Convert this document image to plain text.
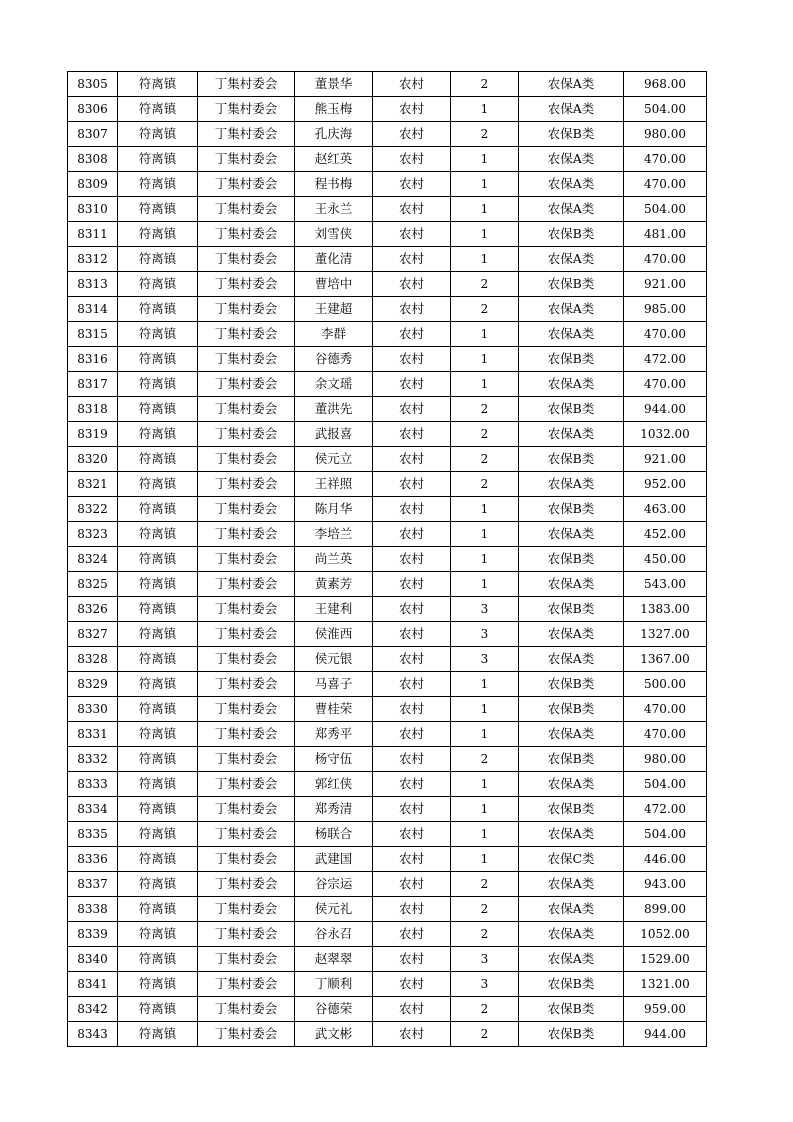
8305	符离镇	丁集村委会	董景华	农村	2	农保A类	968.00
8306	符离镇	丁集村委会	熊玉梅	农村	1	农保A类	504.00
8307	符离镇	丁集村委会	孔庆海	农村	2	农保B类	980.00
8308	符离镇	丁集村委会	赵红英	农村	1	农保A类	470.00
8309	符离镇	丁集村委会	程书梅	农村	1	农保A类	470.00
8310	符离镇	丁集村委会	王永兰	农村	1	农保A类	504.00
8311	符离镇	丁集村委会	刘雪侠	农村	1	农保B类	481.00
8312	符离镇	丁集村委会	董化清	农村	1	农保A类	470.00
8313	符离镇	丁集村委会	曹培中	农村	2	农保B类	921.00
8314	符离镇	丁集村委会	王建超	农村	2	农保A类	985.00
8315	符离镇	丁集村委会	李群	农村	1	农保A类	470.00
8316	符离镇	丁集村委会	谷德秀	农村	1	农保B类	472.00
8317	符离镇	丁集村委会	余文瑶	农村	1	农保A类	470.00
8318	符离镇	丁集村委会	董洪先	农村	2	农保B类	944.00
8319	符离镇	丁集村委会	武报喜	农村	2	农保A类	1032.00
8320	符离镇	丁集村委会	侯元立	农村	2	农保B类	921.00
8321	符离镇	丁集村委会	王祥照	农村	2	农保A类	952.00
8322	符离镇	丁集村委会	陈月华	农村	1	农保B类	463.00
8323	符离镇	丁集村委会	李培兰	农村	1	农保A类	452.00
8324	符离镇	丁集村委会	尚兰英	农村	1	农保B类	450.00
8325	符离镇	丁集村委会	黄素芳	农村	1	农保A类	543.00
8326	符离镇	丁集村委会	王建利	农村	3	农保B类	1383.00
8327	符离镇	丁集村委会	侯淮西	农村	3	农保A类	1327.00
8328	符离镇	丁集村委会	侯元银	农村	3	农保A类	1367.00
8329	符离镇	丁集村委会	马喜子	农村	1	农保B类	500.00
8330	符离镇	丁集村委会	曹桂荣	农村	1	农保B类	470.00
8331	符离镇	丁集村委会	郑秀平	农村	1	农保A类	470.00
8332	符离镇	丁集村委会	杨守伍	农村	2	农保B类	980.00
8333	符离镇	丁集村委会	郭红侠	农村	1	农保A类	504.00
8334	符离镇	丁集村委会	郑秀清	农村	1	农保B类	472.00
8335	符离镇	丁集村委会	杨联合	农村	1	农保A类	504.00
8336	符离镇	丁集村委会	武建国	农村	1	农保C类	446.00
8337	符离镇	丁集村委会	谷宗运	农村	2	农保A类	943.00
8338	符离镇	丁集村委会	侯元礼	农村	2	农保A类	899.00
8339	符离镇	丁集村委会	谷永召	农村	2	农保A类	1052.00
8340	符离镇	丁集村委会	赵翠翠	农村	3	农保A类	1529.00
8341	符离镇	丁集村委会	丁顺利	农村	3	农保B类	1321.00
8342	符离镇	丁集村委会	谷德荣	农村	2	农保B类	959.00
8343	符离镇	丁集村委会	武文彬	农村	2	农保B类	944.00
